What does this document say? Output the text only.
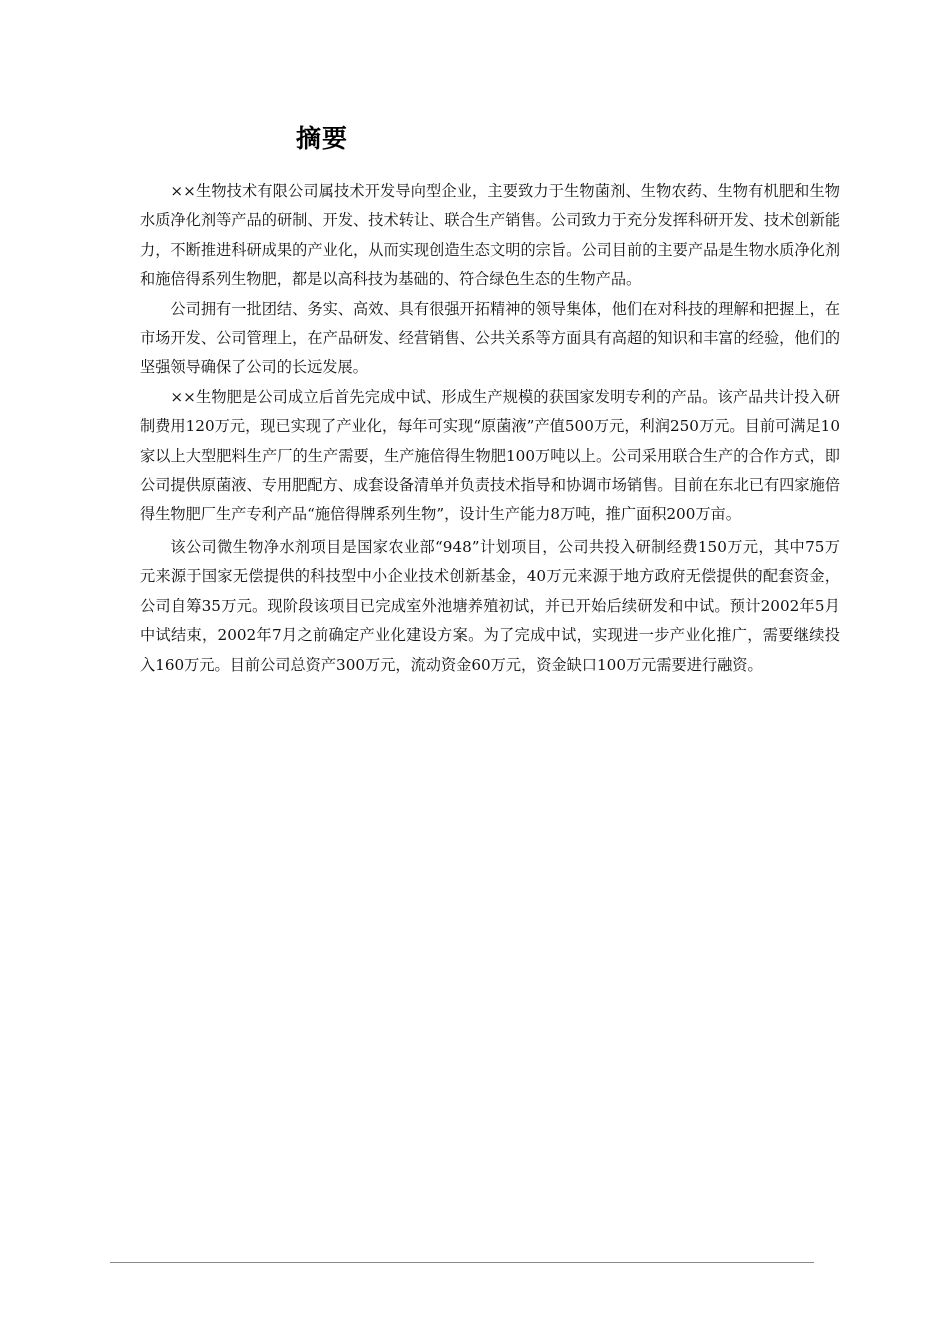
摘要

××生物技术有限公司属技术开发导向型企业，主要致力于生物菌剂、生物农药、生物有机肥和生物水质净化剂等产品的研制、开发、技术转让、联合生产销售。公司致力于充分发挥科研开发、技术创新能力，不断推进科研成果的产业化，从而实现创造生态文明的宗旨。公司目前的主要产品是生物水质净化剂和施倍得系列生物肥，都是以高科技为基础的、符合绿色生态的生物产品。

公司拥有一批团结、务实、高效、具有很强开拓精神的领导集体，他们在对科技的理解和把握上，在市场开发、公司管理上，在产品研发、经营销售、公共关系等方面具有高超的知识和丰富的经验，他们的坚强领导确保了公司的长远发展。

××生物肥是公司成立后首先完成中试、形成生产规模的获国家发明专利的产品。该产品共计投入研制费用120万元，现已实现了产业化，每年可实现“原菌液”产值500万元，利润250万元。目前可满足10家以上大型肥料生产厂的生产需要，生产施倍得生物肥100万吨以上。公司采用联合生产的合作方式，即公司提供原菌液、专用肥配方、成套设备清单并负责技术指导和协调市场销售。目前在东北已有四家施倍得生物肥厂生产专利产品“施倍得牌系列生物”，设计生产能力8万吨，推广面积200万亩。

该公司微生物净水剂项目是国家农业部“948”计划项目，公司共投入研制经费150万元，其中75万元来源于国家无偿提供的科技型中小企业技术创新基金，40万元来源于地方政府无偿提供的配套资金，公司自筹35万元。现阶段该项目已完成室外池塘养殖初试，并已开始后续研发和中试。预计2002年5月中试结束，2002年7月之前确定产业化建设方案。为了完成中试，实现进一步产业化推广，需要继续投入160万元。目前公司总资产300万元，流动资金60万元，资金缺口100万元需要进行融资。
